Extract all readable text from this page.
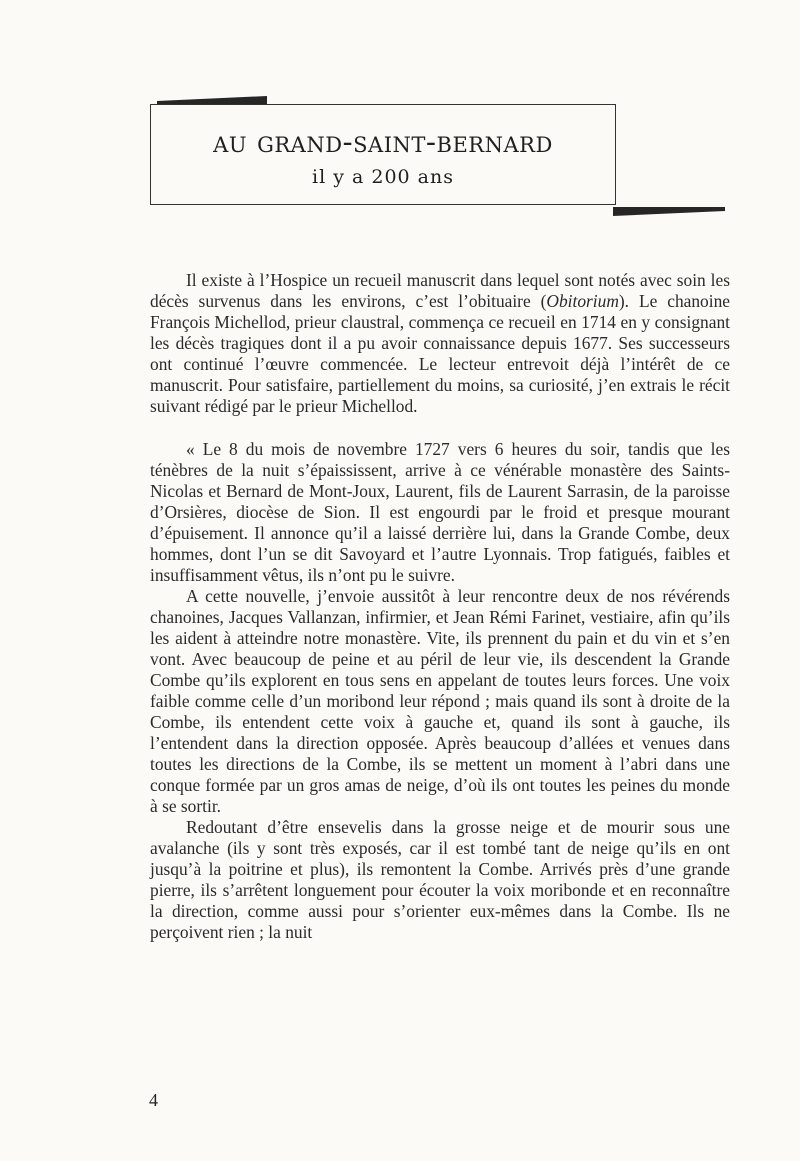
au grand-saint-bernard
il y a 200 ans

Il existe à l’Hospice un recueil manuscrit dans lequel sont notés avec soin les décès survenus dans les environs, c’est l’obituaire (Obitorium). Le chanoine François Michellod, prieur claustral, commença ce recueil en 1714 en y consignant les décès tragiques dont il a pu avoir connaissance depuis 1677. Ses successeurs ont continué l’œuvre commencée. Le lecteur entrevoit déjà l’intérêt de ce manuscrit. Pour satisfaire, partiellement du moins, sa curiosité, j’en extrais le récit suivant rédigé par le prieur Michellod.

« Le 8 du mois de novembre 1727 vers 6 heures du soir, tandis que les ténèbres de la nuit s’épaississent, arrive à ce vénérable monastère des Saints-Nicolas et Bernard de Mont-Joux, Laurent, fils de Laurent Sarrasin, de la paroisse d’Orsières, diocèse de Sion. Il est engourdi par le froid et presque mourant d’épuisement. Il annonce qu’il a laissé derrière lui, dans la Grande Combe, deux hommes, dont l’un se dit Savoyard et l’autre Lyonnais. Trop fatigués, faibles et insuffisamment vêtus, ils n’ont pu le suivre.

A cette nouvelle, j’envoie aussitôt à leur rencontre deux de nos révérends chanoines, Jacques Vallanzan, infirmier, et Jean Rémi Farinet, vestiaire, afin qu’ils les aident à atteindre notre monastère. Vite, ils prennent du pain et du vin et s’en vont. Avec beaucoup de peine et au péril de leur vie, ils descendent la Grande Combe qu’ils explorent en tous sens en appelant de toutes leurs forces. Une voix faible comme celle d’un moribond leur répond ; mais quand ils sont à droite de la Combe, ils entendent cette voix à gauche et, quand ils sont à gauche, ils l’entendent dans la direction opposée. Après beaucoup d’allées et venues dans toutes les directions de la Combe, ils se mettent un moment à l’abri dans une conque formée par un gros amas de neige, d’où ils ont toutes les peines du monde à se sortir.

Redoutant d’être ensevelis dans la grosse neige et de mourir sous une avalanche (ils y sont très exposés, car il est tombé tant de neige qu’ils en ont jusqu’à la poitrine et plus), ils remontent la Combe. Arrivés près d’une grande pierre, ils s’arrêtent longuement pour écouter la voix moribonde et en reconnaître la direction, comme aussi pour s’orienter eux-mêmes dans la Combe. Ils ne perçoivent rien ; la nuit

4
